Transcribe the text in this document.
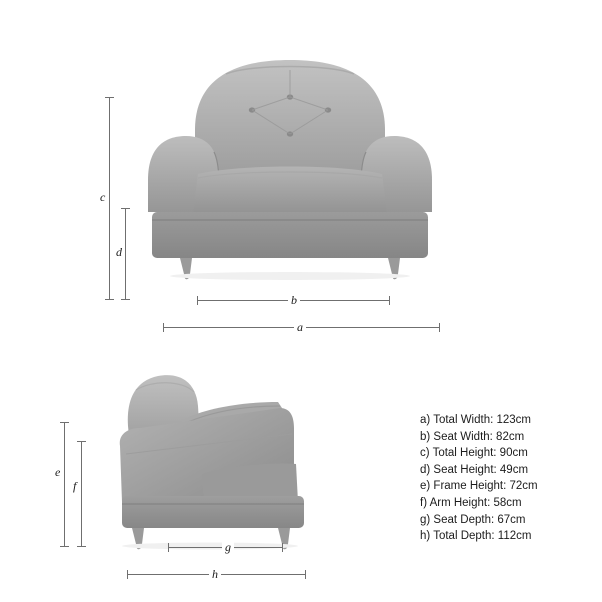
c
d
b
a
e
f
g
h
a) Total Width: 123cm
b) Seat Width: 82cm
c) Total Height: 90cm
d) Seat Height: 49cm
e) Frame Height: 72cm
f) Arm Height: 58cm
g) Seat Depth: 67cm
h) Total Depth: 112cm
